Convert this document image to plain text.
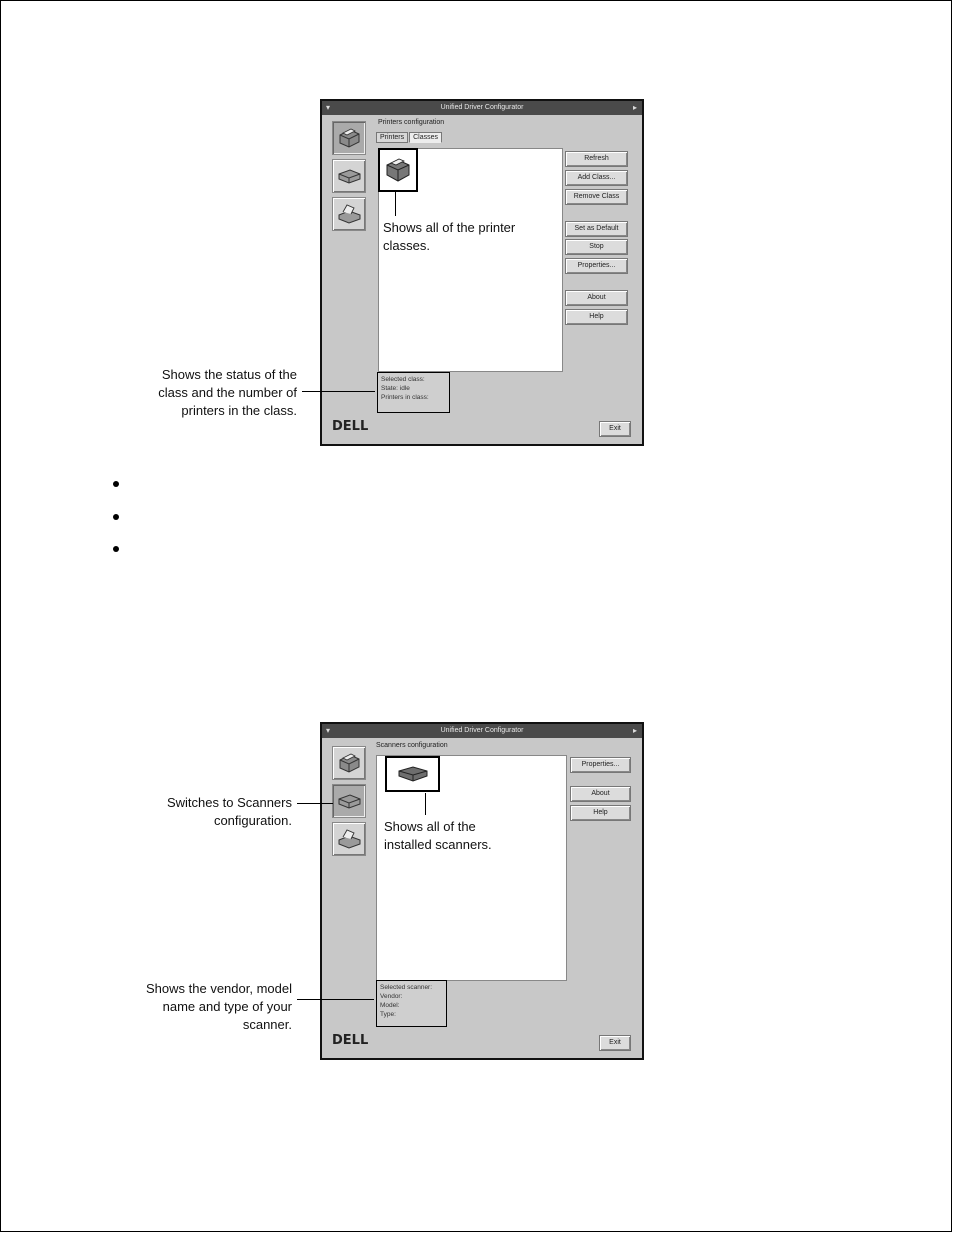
▾	Unified Driver Configurator	▸
Printers configuration
Printers	Classes
Refresh
Add Class...
Remove Class
Set as Default
Stop
Properties...
About
Help
Selected class:
State: idle
Printers in class:
DELL	Exit
Shows all of the printer
classes.
Shows the status of the
class and the number of
printers in the class.
▾	Unified Driver Configurator	▸
Scanners configuration
Properties...
About
Help
Selected scanner:
Vendor:
Model:
Type:
DELL	Exit
Switches to Scanners
configuration.	Shows all of the
installed scanners.
Shows the vendor, model
name and type of your
scanner.
